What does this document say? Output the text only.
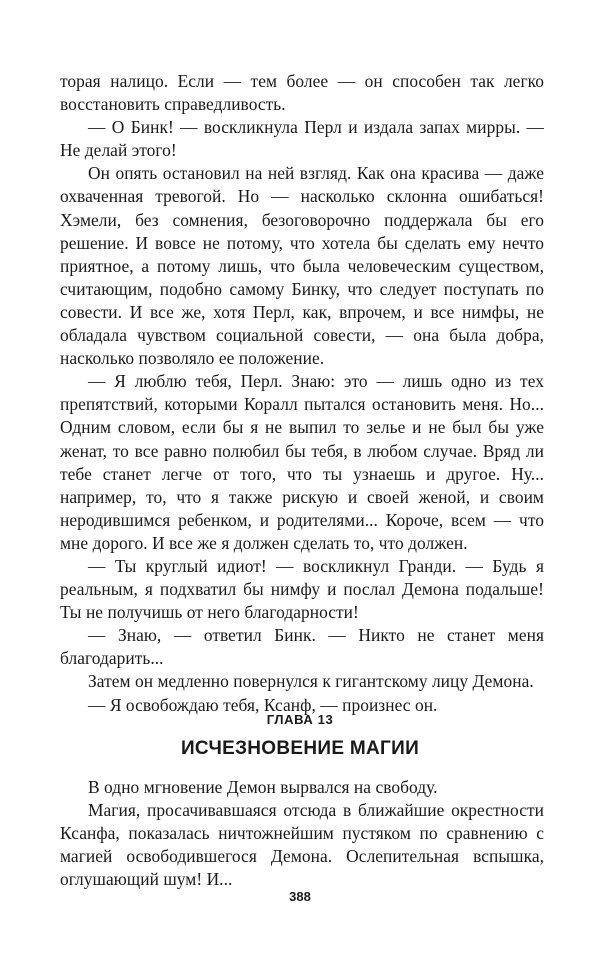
торая налицо. Если — тем более — он способен так легко восстановить справедливость.

— О Бинк! — воскликнула Перл и издала запах мирры. — Не делай этого!

Он опять остановил на ней взгляд. Как она красива — даже охваченная тревогой. Но — насколько склонна ошибаться! Хэмели, без сомнения, безоговорочно поддержала бы его решение. И вовсе не потому, что хотела бы сделать ему нечто приятное, а потому лишь, что была человеческим существом, считающим, подобно самому Бинку, что следует поступать по совести. И все же, хотя Перл, как, впрочем, и все нимфы, не обладала чувством социальной совести, — она была добра, насколько позволяло ее положение.

— Я люблю тебя, Перл. Знаю: это — лишь одно из тех препятствий, которыми Коралл пытался остановить меня. Но... Одним словом, если бы я не выпил то зелье и не был бы уже женат, то все равно полюбил бы тебя, в любом случае. Вряд ли тебе станет легче от того, что ты узнаешь и другое. Ну... например, то, что я также рискую и своей женой, и своим неродившимся ребенком, и родителями... Короче, всем — что мне дорого. И все же я должен сделать то, что должен.

— Ты круглый идиот! — воскликнул Гранди. — Будь я реальным, я подхватил бы нимфу и послал Демона подальше! Ты не получишь от него благодарности!

— Знаю, — ответил Бинк. — Никто не станет меня благодарить...

Затем он медленно повернулся к гигантскому лицу Демона.

— Я освобождаю тебя, Ксанф, — произнес он.

ГЛАВА 13
ИСЧЕЗНОВЕНИЕ МАГИИ

В одно мгновение Демон вырвался на свободу.

Магия, просачивавшаяся отсюда в ближайшие окрестности Ксанфа, показалась ничтожнейшим пустяком по сравнению с магией освободившегося Демона. Ослепительная вспышка, оглушающий шум! И...

388
